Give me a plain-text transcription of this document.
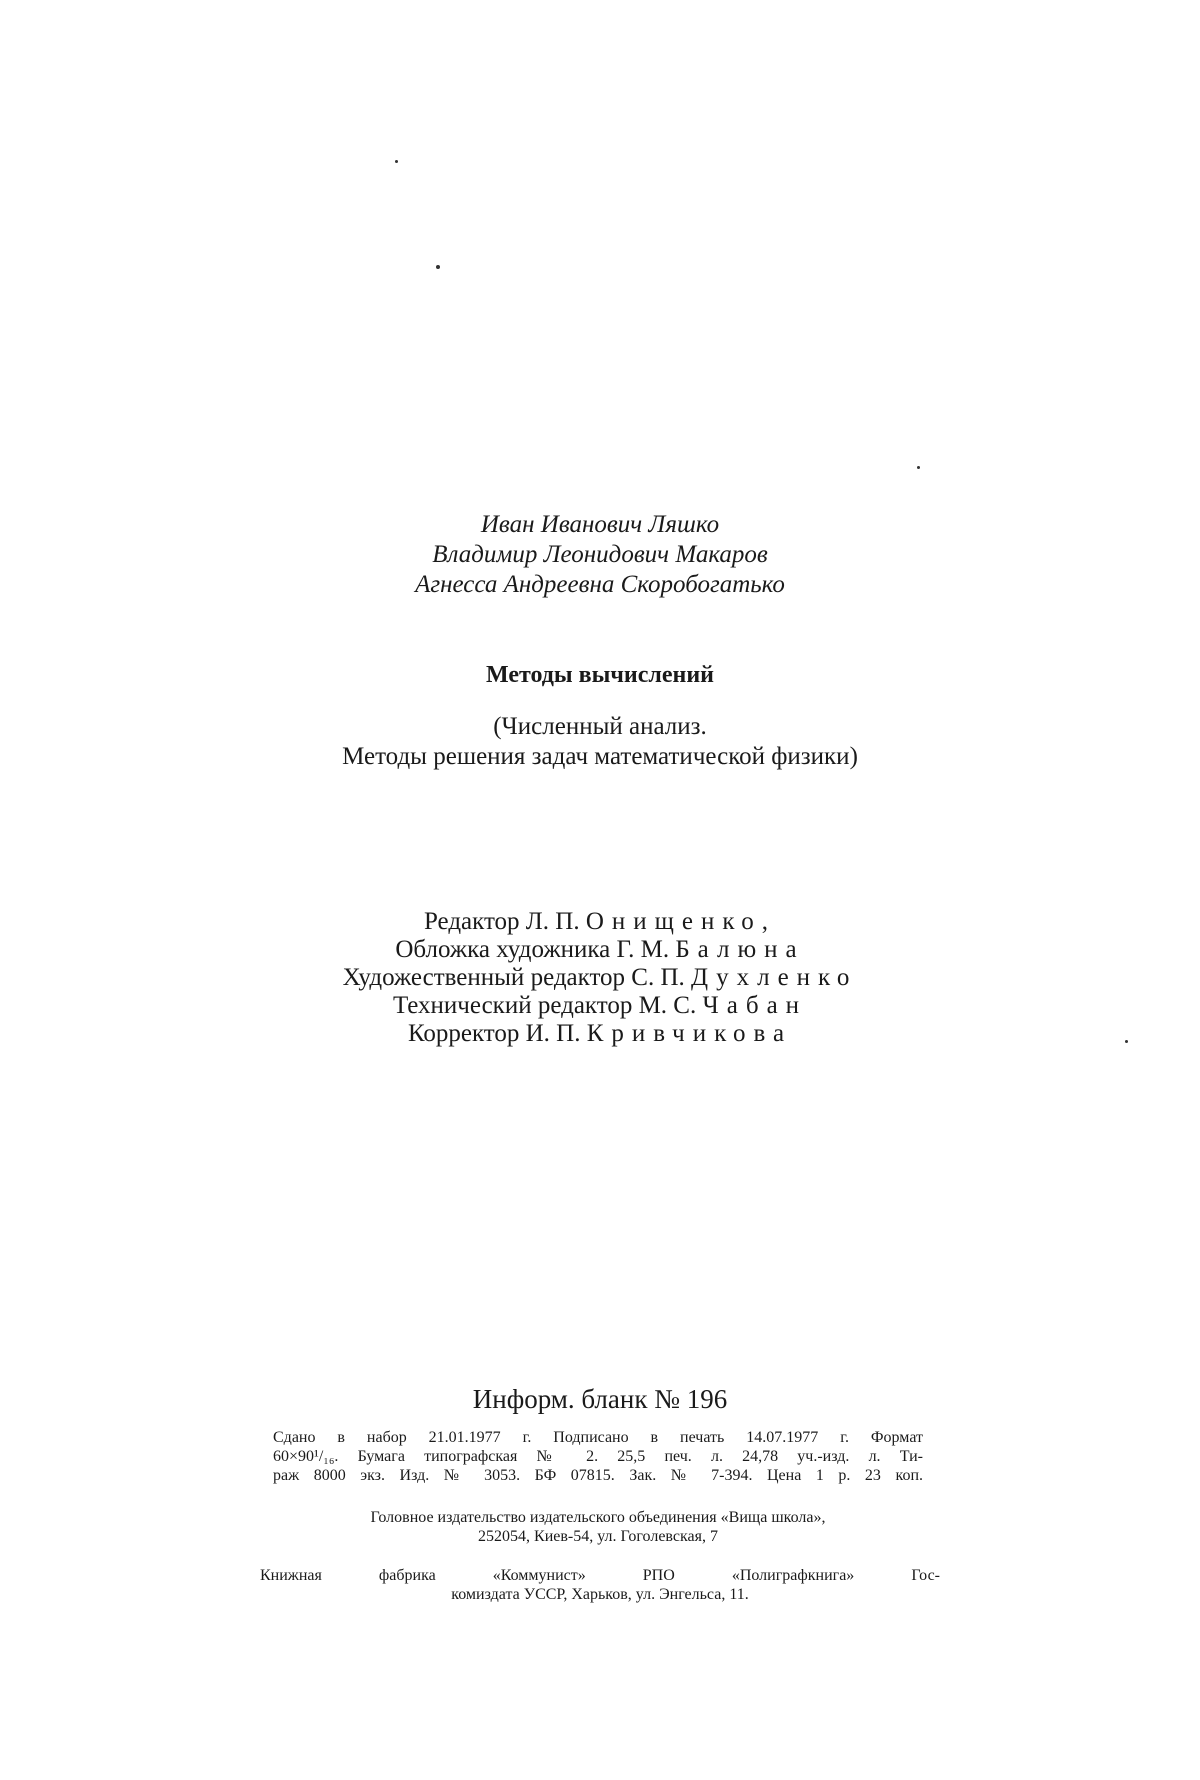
Иван Иванович Ляшко
Владимир Леонидович Макаров
Агнесса Андреевна Скоробогатько
Методы вычислений
(Численный анализ.
Методы решения задач математической физики)
Редактор Л. П. Онищенко,
Обложка художника Г. М. Балюна
Художественный редактор С. П. Духленко
Технический редактор М. С. Чабан
Корректор И. П. Кривчикова
Информ. бланк № 196
Сдано в набор 21.01.1977 г. Подписано в печать 14.07.1977 г. Формат
60×90¹/₁₆. Бумага типографская № 2. 25,5 печ. л. 24,78 уч.-изд. л. Ти-
раж 8000 экз. Изд. № 3053. БФ 07815. Зак. № 7-394. Цена 1 р. 23 коп.
Головное издательство издательского объединения «Вища школа»,
252054, Киев-54, ул. Гоголевская, 7
Книжная фабрика «Коммунист» РПО «Полиграфкнига» Гос-
комиздата УССР, Харьков, ул. Энгельса, 11.
